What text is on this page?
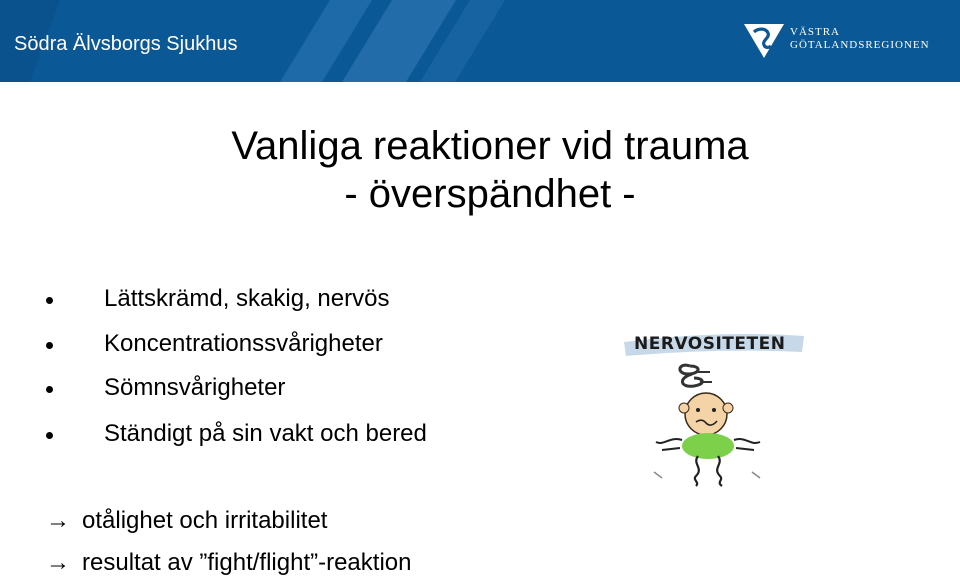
Södra Älvsborgs Sjukhus
VÄSTRA
GÖTALANDSREGIONEN
Vanliga reaktioner vid trauma
- överspändhet -
Lättskrämd, skakig, nervös
Koncentrationssvårigheter
Sömnsvårigheter
Ständigt på sin vakt och bered
→ otålighet och irritabilitet
→ resultat av ”fight/flight”-reaktion
NERVOSITETEN
